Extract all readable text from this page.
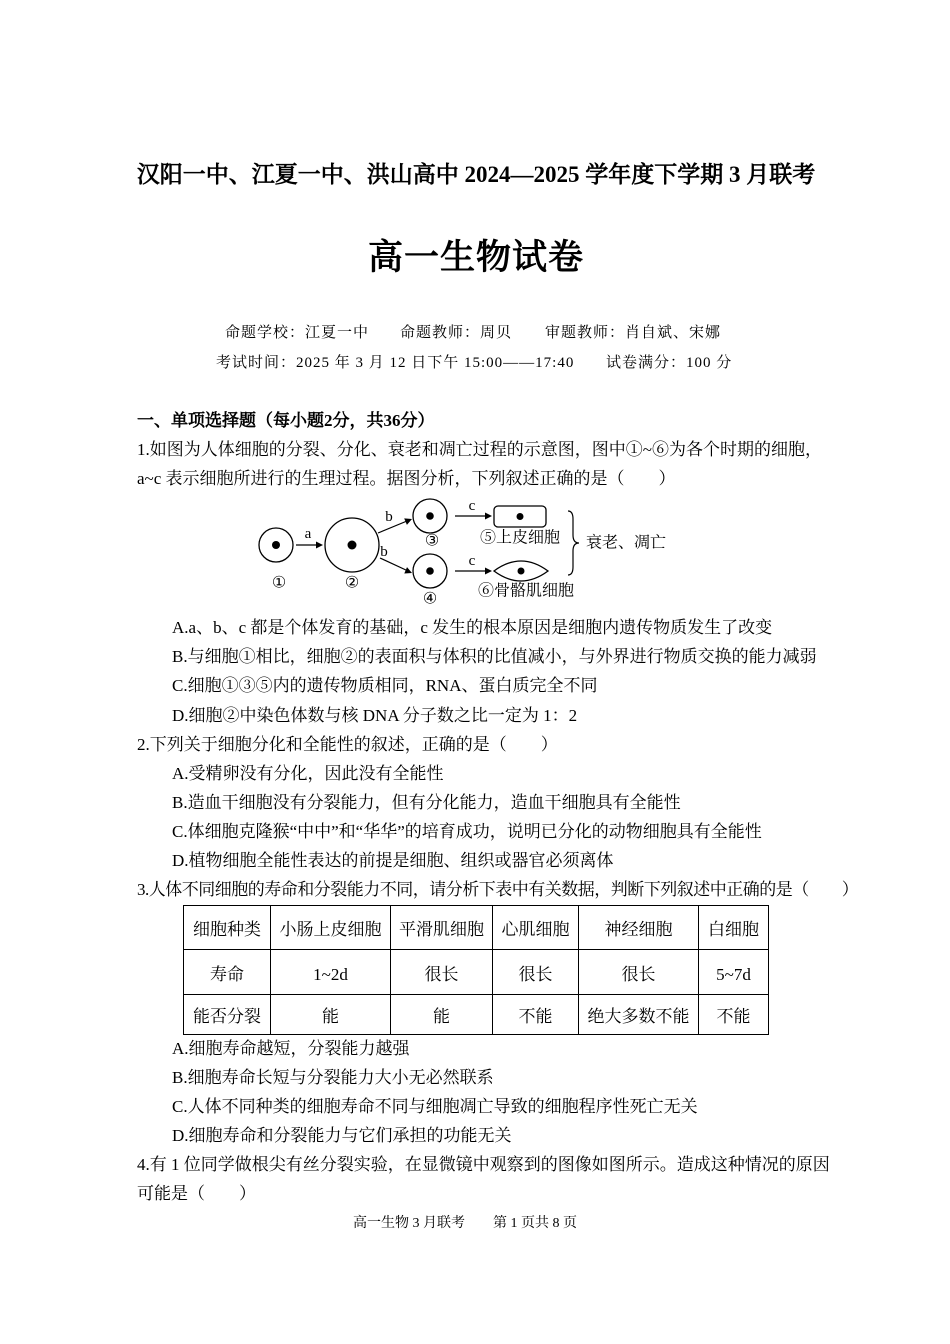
汉阳一中、江夏一中、洪山高中 2024—2025 学年度下学期 3 月联考
高一生物试卷
命题学校：江夏一中 命题教师：周贝 审题教师：肖自斌、宋娜
考试时间：2025 年 3 月 12 日下午 15:00——17:40 试卷满分：100 分
一、单项选择题（每小题2分，共36分）
1.如图为人体细胞的分裂、分化、衰老和凋亡过程的示意图，图中①~⑥为各个时期的细胞，
a~c 表示细胞所进行的生理过程。据图分析，下列叙述正确的是（　　）
①
a
②
b
b
③
④
c
c
⑤上皮细胞
⑥骨骼肌细胞
衰老、凋亡
A.a、b、c 都是个体发育的基础，c 发生的根本原因是细胞内遗传物质发生了改变
B.与细胞①相比，细胞②的表面积与体积的比值减小，与外界进行物质交换的能力减弱
C.细胞①③⑤内的遗传物质相同，RNA、蛋白质完全不同
D.细胞②中染色体数与核 DNA 分子数之比一定为 1：2
2.下列关于细胞分化和全能性的叙述，正确的是（　　）
A.受精卵没有分化，因此没有全能性
B.造血干细胞没有分裂能力，但有分化能力，造血干细胞具有全能性
C.体细胞克隆猴“中中”和“华华”的培育成功，说明已分化的动物细胞具有全能性
D.植物细胞全能性表达的前提是细胞、组织或器官必须离体
3.人体不同细胞的寿命和分裂能力不同，请分析下表中有关数据，判断下列叙述中正确的是（　　）
细胞种类	小肠上皮细胞	平滑肌细胞	心肌细胞	神经细胞	白细胞
寿命	1~2d	很长	很长	很长	5~7d
能否分裂	能	能	不能	绝大多数不能	不能
A.细胞寿命越短，分裂能力越强
B.细胞寿命长短与分裂能力大小无必然联系
C.人体不同种类的细胞寿命不同与细胞凋亡导致的细胞程序性死亡无关
D.细胞寿命和分裂能力与它们承担的功能无关
4.有 1 位同学做根尖有丝分裂实验，在显微镜中观察到的图像如图所示。造成这种情况的原因
可能是（　　）
高一生物 3 月联考　　第 1 页共 8 页
